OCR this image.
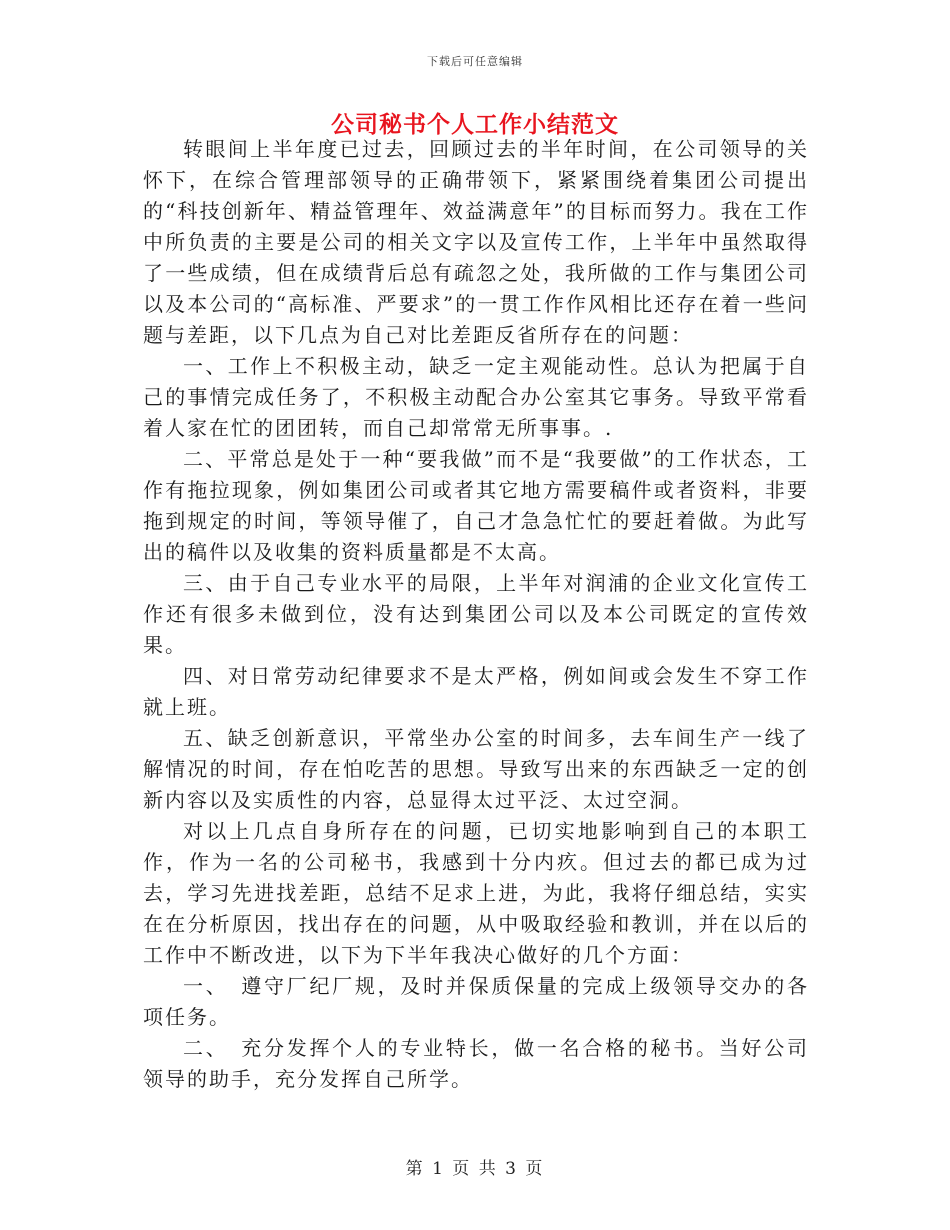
下载后可任意编辑
公司秘书个人工作小结范文

转眼间上半年度已过去，回顾过去的半年时间，在公司领导的关怀下，在综合管理部领导的正确带领下，紧紧围绕着集团公司提出的“科技创新年、精益管理年、效益满意年”的目标而努力。我在工作中所负责的主要是公司的相关文字以及宣传工作，上半年中虽然取得了一些成绩，但在成绩背后总有疏忽之处，我所做的工作与集团公司以及本公司的“高标准、严要求”的一贯工作作风相比还存在着一些问题与差距，以下几点为自己对比差距反省所存在的问题：

一、工作上不积极主动，缺乏一定主观能动性。总认为把属于自己的事情完成任务了，不积极主动配合办公室其它事务。导致平常看着人家在忙的团团转，而自己却常常无所事事。.

二、平常总是处于一种“要我做”而不是“我要做”的工作状态，工作有拖拉现象，例如集团公司或者其它地方需要稿件或者资料，非要拖到规定的时间，等领导催了，自己才急急忙忙的要赶着做。为此写出的稿件以及收集的资料质量都是不太高。

三、由于自己专业水平的局限，上半年对润浦的企业文化宣传工作还有很多未做到位，没有达到集团公司以及本公司既定的宣传效果。

四、对日常劳动纪律要求不是太严格，例如间或会发生不穿工作就上班。

五、缺乏创新意识，平常坐办公室的时间多，去车间生产一线了解情况的时间，存在怕吃苦的思想。导致写出来的东西缺乏一定的创新内容以及实质性的内容，总显得太过平泛、太过空洞。

对以上几点自身所存在的问题，已切实地影响到自己的本职工作，作为一名的公司秘书，我感到十分内疚。但过去的都已成为过去，学习先进找差距，总结不足求上进，为此，我将仔细总结，实实在在分析原因，找出存在的问题，从中吸取经验和教训，并在以后的工作中不断改进，以下为下半年我决心做好的几个方面：

一、　遵守厂纪厂规，及时并保质保量的完成上级领导交办的各项任务。

二、　充分发挥个人的专业特长，做一名合格的秘书。当好公司领导的助手，充分发挥自己所学。

第 1 页 共 3 页
